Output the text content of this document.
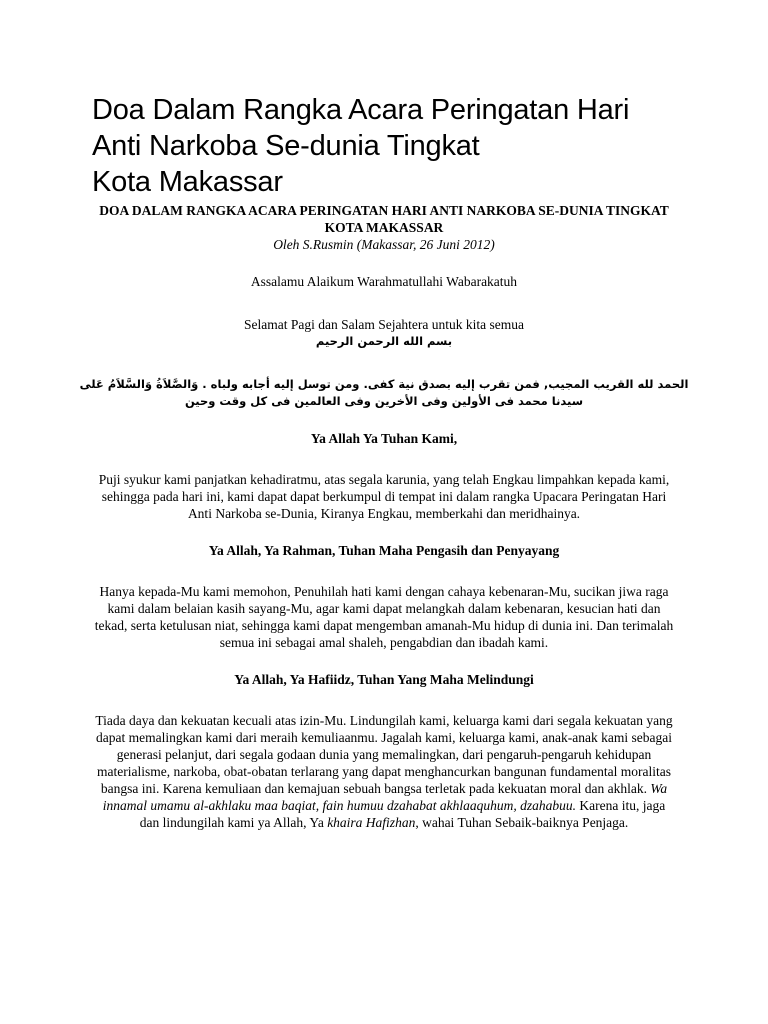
Doa Dalam Rangka Acara Peringatan Hari
Anti Narkoba Se-dunia Tingkat
Kota Makassar
DOA DALAM RANGKA ACARA PERINGATAN HARI ANTI NARKOBA SE-DUNIA TINGKAT KOTA MAKASSAR
Oleh S.Rusmin (Makassar, 26 Juni 2012)

Assalamu Alaikum Warahmatullahi Wabarakatuh

Selamat Pagi dan Salam Sejahtera untuk kita semua

بسم الله الرحمن الرحيم

الحمد لله القريب المجيب, فمن تقرب إليه بصدق نية كفى. ومن توسل إليه أجابه ولباه . وَالصَّلاَةُ وَالسَّلاَمُ عَلى سيدنا محمد فى الأولين وفى الأخرين وفى العالمين فى كل وقت وحين

Ya Allah Ya Tuhan Kami,

Puji syukur kami panjatkan kehadiratmu, atas segala karunia, yang telah Engkau limpahkan kepada kami, sehingga pada hari ini, kami dapat dapat berkumpul di tempat ini dalam rangka Upacara Peringatan Hari Anti Narkoba se-Dunia, Kiranya Engkau, memberkahi dan meridhainya.

Ya Allah, Ya Rahman, Tuhan Maha Pengasih dan Penyayang

Hanya kepada-Mu kami memohon, Penuhilah hati kami dengan cahaya kebenaran-Mu, sucikan jiwa raga kami dalam belaian kasih sayang-Mu, agar kami dapat melangkah dalam kebenaran, kesucian hati dan tekad, serta ketulusan niat, sehingga kami dapat mengemban amanah-Mu hidup di dunia ini. Dan terimalah semua ini sebagai amal shaleh, pengabdian dan ibadah kami.

Ya Allah, Ya Hafiidz, Tuhan Yang Maha Melindungi

Tiada daya dan kekuatan kecuali atas izin-Mu. Lindungilah kami, keluarga kami dari segala kekuatan yang dapat memalingkan kami dari meraih kemuliaanmu. Jagalah kami, keluarga kami, anak-anak kami sebagai generasi pelanjut, dari segala godaan dunia yang memalingkan, dari pengaruh-pengaruh kehidupan materialisme, narkoba, obat-obatan terlarang yang dapat menghancurkan bangunan fundamental moralitas bangsa ini. Karena kemuliaan dan kemajuan sebuah bangsa terletak pada kekuatan moral dan akhlak. Wa innamal umamu al-akhlaku maa baqiat, fain humuu dzahabat akhlaaquhum, dzahabuu. Karena itu, jaga dan lindungilah kami ya Allah, Ya khaira Hafizhan, wahai Tuhan Sebaik-baiknya Penjaga.
